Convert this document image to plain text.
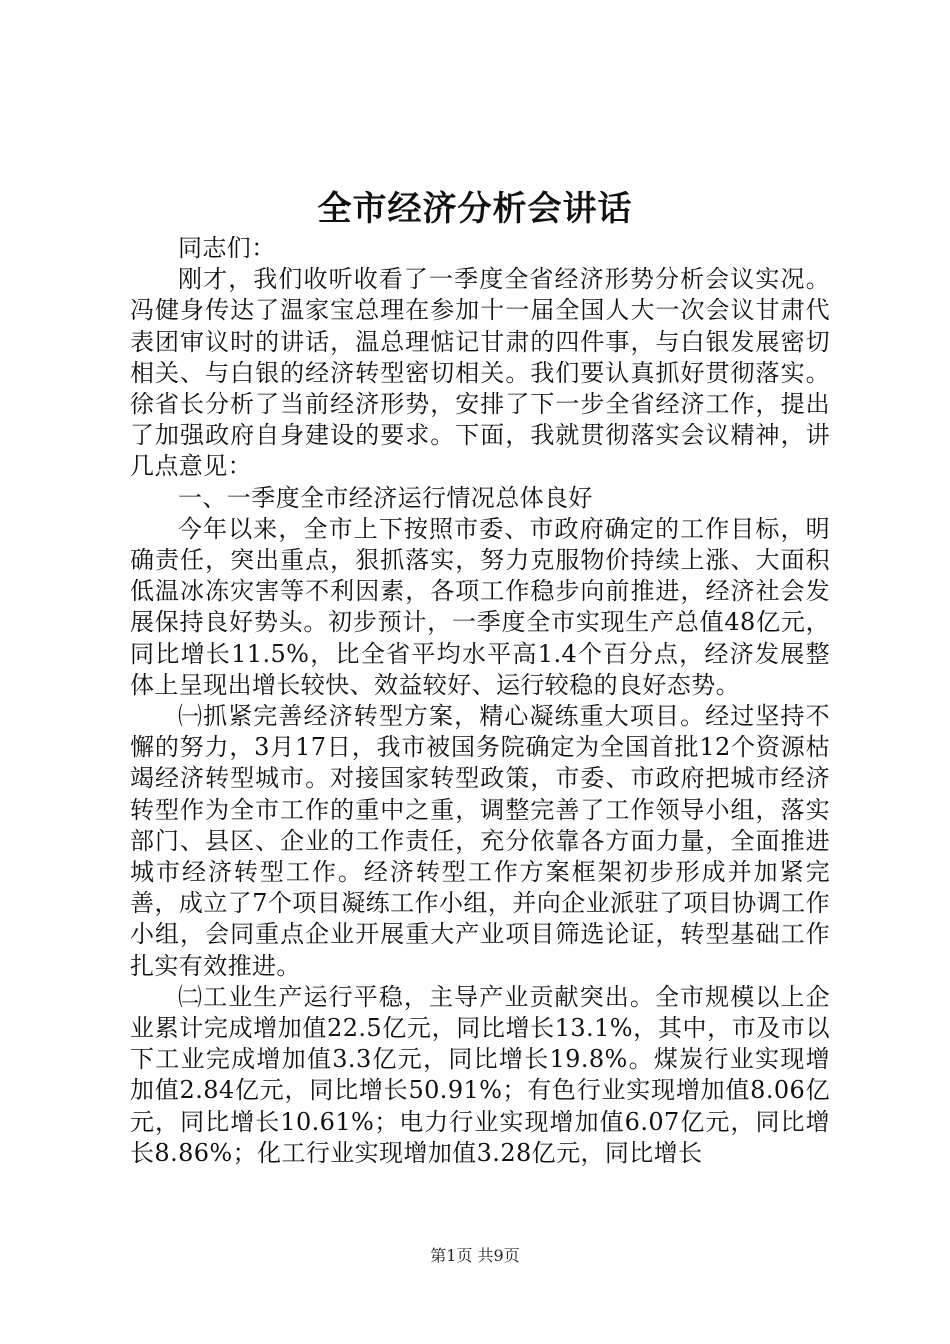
全市经济分析会讲话

同志们：

刚才，我们收听收看了一季度全省经济形势分析会议实况。冯健身传达了温家宝总理在参加十一届全国人大一次会议甘肃代表团审议时的讲话，温总理惦记甘肃的四件事，与白银发展密切相关、与白银的经济转型密切相关。我们要认真抓好贯彻落实。徐省长分析了当前经济形势，安排了下一步全省经济工作，提出了加强政府自身建设的要求。下面，我就贯彻落实会议精神，讲几点意见：

一、一季度全市经济运行情况总体良好

今年以来，全市上下按照市委、市政府确定的工作目标，明确责任，突出重点，狠抓落实，努力克服物价持续上涨、大面积低温冰冻灾害等不利因素，各项工作稳步向前推进，经济社会发展保持良好势头。初步预计，一季度全市实现生产总值48亿元，同比增长11.5%，比全省平均水平高1.4个百分点，经济发展整体上呈现出增长较快、效益较好、运行较稳的良好态势。

㈠抓紧完善经济转型方案，精心凝练重大项目。经过坚持不懈的努力，3月17日，我市被国务院确定为全国首批12个资源枯竭经济转型城市。对接国家转型政策，市委、市政府把城市经济转型作为全市工作的重中之重，调整完善了工作领导小组，落实部门、县区、企业的工作责任，充分依靠各方面力量，全面推进城市经济转型工作。经济转型工作方案框架初步形成并加紧完善，成立了7个项目凝练工作小组，并向企业派驻了项目协调工作小组，会同重点企业开展重大产业项目筛选论证，转型基础工作扎实有效推进。

㈡工业生产运行平稳，主导产业贡献突出。全市规模以上企业累计完成增加值22.5亿元，同比增长13.1%，其中，市及市以下工业完成增加值3.3亿元，同比增长19.8%。煤炭行业实现增加值2.84亿元，同比增长50.91%；有色行业实现增加值8.06亿元，同比增长10.61%；电力行业实现增加值6.07亿元，同比增长8.86%；化工行业实现增加值3.28亿元，同比增长

第1页 共9页
